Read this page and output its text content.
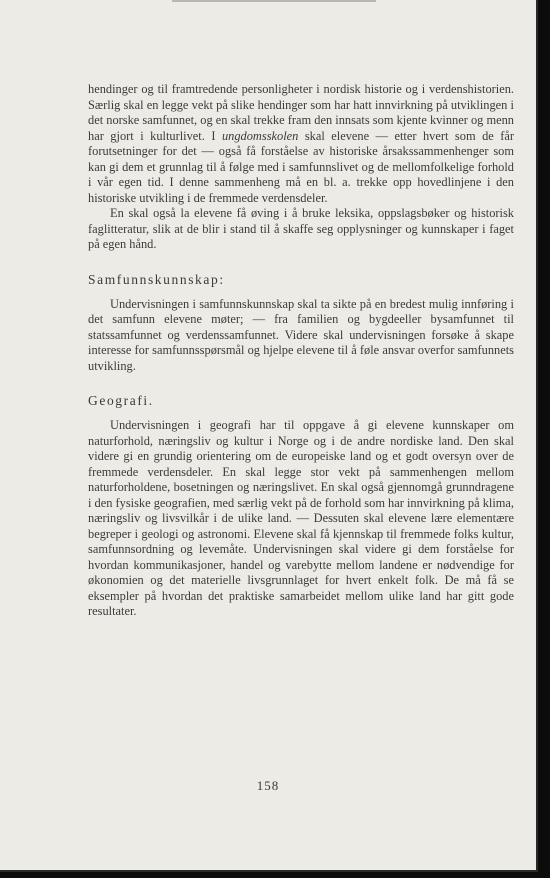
hendinger og til framtredende personligheter i nordisk historie og i verdenshistorien. Særlig skal en legge vekt på slike hendinger som har hatt innvirkning på utviklingen i det norske samfunnet, og en skal trekke fram den innsats som kjente kvinner og menn har gjort i kulturlivet. I ungdomsskolen skal elevene — etter hvert som de får forutsetninger for det — også få forståelse av historiske årsakssammenhenger som kan gi dem et grunnlag til å følge med i samfunnslivet og de mellomfolkelige forhold i vår egen tid. I denne sammenheng må en bl. a. trekke opp hovedlinjene i den historiske utvikling i de fremmede verdensdeler.

En skal også la elevene få øving i å bruke leksika, oppslagsbøker og historisk faglitteratur, slik at de blir i stand til å skaffe seg opplysninger og kunnskaper i faget på egen hånd.

Samfunnskunnskap:

Undervisningen i samfunnskunnskap skal ta sikte på en bredest mulig innføring i det samfunn elevene møter; — fra familien og bygdeeller bysamfunnet til statssamfunnet og verdenssamfunnet. Videre skal undervisningen forsøke å skape interesse for samfunnsspørsmål og hjelpe elevene til å føle ansvar overfor samfunnets utvikling.

Geografi.

Undervisningen i geografi har til oppgave å gi elevene kunnskaper om naturforhold, næringsliv og kultur i Norge og i de andre nordiske land. Den skal videre gi en grundig orientering om de europeiske land og et godt oversyn over de fremmede verdensdeler. En skal legge stor vekt på sammenhengen mellom naturforholdene, bosetningen og næringslivet. En skal også gjennomgå grunndragene i den fysiske geografien, med særlig vekt på de forhold som har innvirkning på klima, næringsliv og livsvilkår i de ulike land. — Dessuten skal elevene lære elementære begreper i geologi og astronomi. Elevene skal få kjennskap til fremmede folks kultur, samfunnsordning og levemåte. Undervisningen skal videre gi dem forståelse for hvordan kommunikasjoner, handel og varebytte mellom landene er nødvendige for økonomien og det materielle livsgrunnlaget for hvert enkelt folk. De må få se eksempler på hvordan det praktiske samarbeidet mellom ulike land har gitt gode resultater.

158
